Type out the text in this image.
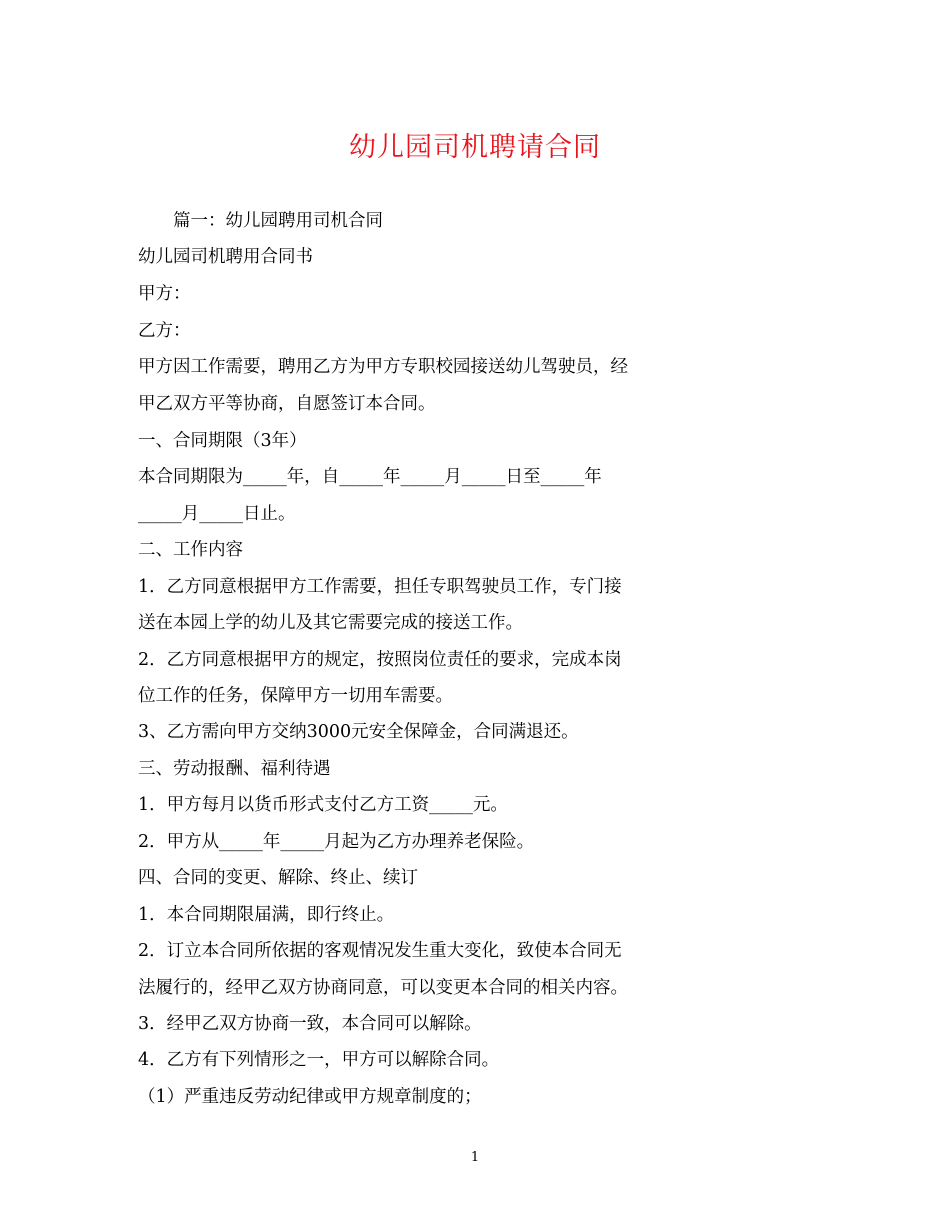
幼儿园司机聘请合同
　　篇一：幼儿园聘用司机合同
幼儿园司机聘用合同书
甲方：
乙方：
甲方因工作需要，聘用乙方为甲方专职校园接送幼儿驾驶员，经
甲乙双方平等协商，自愿签订本合同。
一、合同期限（3年）
本合同期限为_____年，自_____年_____月_____日至_____年
_____月_____日止。
二、工作内容
1．乙方同意根据甲方工作需要，担任专职驾驶员工作，专门接
送在本园上学的幼儿及其它需要完成的接送工作。
2．乙方同意根据甲方的规定，按照岗位责任的要求，完成本岗
位工作的任务，保障甲方一切用车需要。
3、乙方需向甲方交纳3000元安全保障金，合同满退还。
三、劳动报酬、福利待遇
1．甲方每月以货币形式支付乙方工资_____元。
2．甲方从_____年_____月起为乙方办理养老保险。
四、合同的变更、解除、终止、续订
1．本合同期限届满，即行终止。
2．订立本合同所依据的客观情况发生重大变化，致使本合同无
法履行的，经甲乙双方协商同意，可以变更本合同的相关内容。
3．经甲乙双方协商一致，本合同可以解除。
4．乙方有下列情形之一，甲方可以解除合同。
（1）严重违反劳动纪律或甲方规章制度的；
1
